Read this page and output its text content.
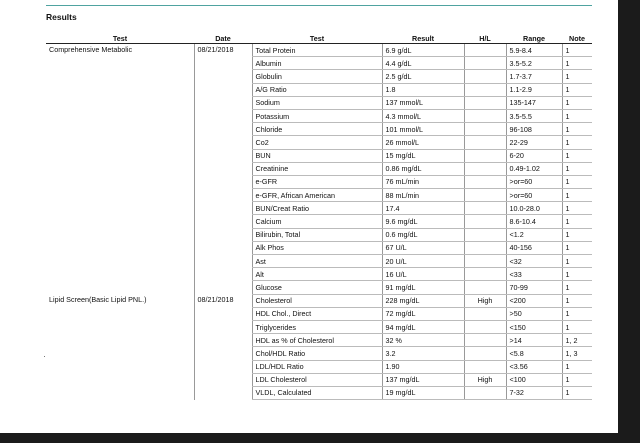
Results
Test	Date	Test	Result	H/L	Range	Note
Comprehensive Metabolic	08/21/2018	Total Protein	6.9 g/dL		5.9-8.4	1
		Albumin	4.4 g/dL		3.5-5.2	1
		Globulin	2.5 g/dL		1.7-3.7	1
		A/G Ratio	1.8		1.1-2.9	1
		Sodium	137 mmol/L		135-147	1
		Potassium	4.3 mmol/L		3.5-5.5	1
		Chloride	101 mmol/L		96-108	1
		Co2	26 mmol/L		22-29	1
		BUN	15 mg/dL		6-20	1
		Creatinine	0.86 mg/dL		0.49-1.02	1
		e-GFR	76 mL/min		>or=60	1
		e-GFR, African American	88 mL/min		>or=60	1
		BUN/Creat Ratio	17.4		10.0-28.0	1
		Calcium	9.6 mg/dL		8.6-10.4	1
		Bilirubin, Total	0.6 mg/dL		<1.2	1
		Alk Phos	67 U/L		40-156	1
		Ast	20 U/L		<32	1
		Alt	16 U/L		<33	1
		Glucose	91 mg/dL		70-99	1
Lipid Screen(Basic Lipid PNL.)	08/21/2018	Cholesterol	228 mg/dL	High	<200	1
		HDL Chol., Direct	72 mg/dL		>50	1
		Triglycerides	94 mg/dL		<150	1
		HDL as % of Cholesterol	32 %		>14	1, 2
		Chol/HDL Ratio	3.2		<5.8	1, 3
		LDL/HDL Ratio	1.90		<3.56	1
		LDL Cholesterol	137 mg/dL	High	<100	1
		VLDL, Calculated	19 mg/dL		7-32	1
